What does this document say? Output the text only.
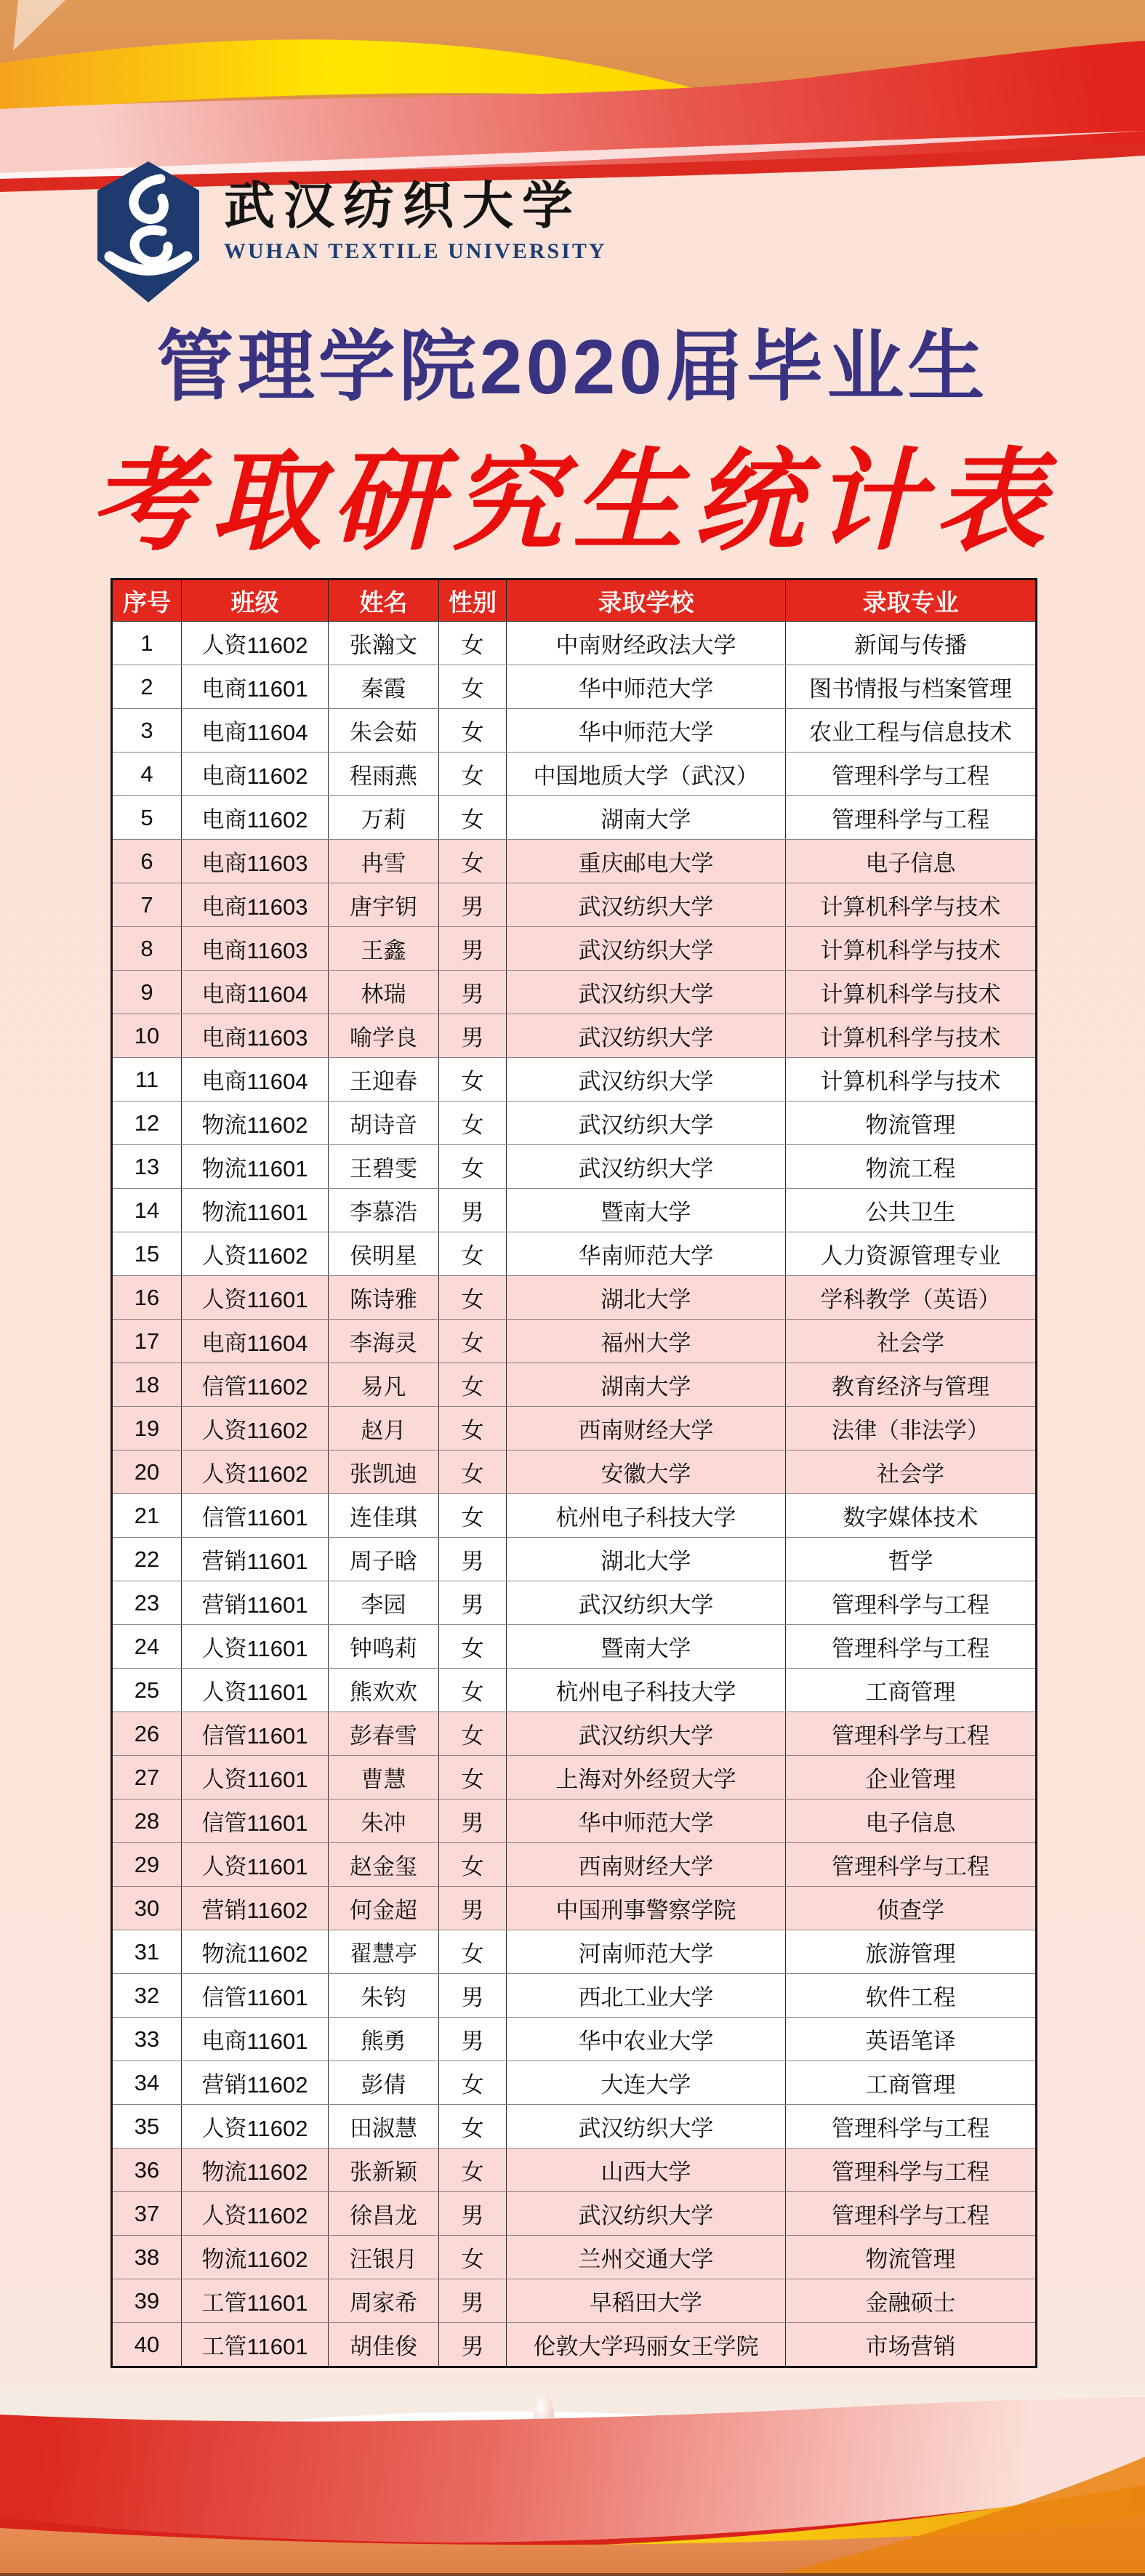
武汉纺织大学
WUHAN TEXTILE UNIVERSITY
管理学院2020届毕业生
考取研究生统计表
序号	班级	姓名	性别	录取学校	录取专业
1	人资11602	张瀚文	女	中南财经政法大学	新闻与传播
2	电商11601	秦霞	女	华中师范大学	图书情报与档案管理
3	电商11604	朱会茹	女	华中师范大学	农业工程与信息技术
4	电商11602	程雨燕	女	中国地质大学（武汉）	管理科学与工程
5	电商11602	万莉	女	湖南大学	管理科学与工程
6	电商11603	冉雪	女	重庆邮电大学	电子信息
7	电商11603	唐宇钥	男	武汉纺织大学	计算机科学与技术
8	电商11603	王鑫	男	武汉纺织大学	计算机科学与技术
9	电商11604	林瑞	男	武汉纺织大学	计算机科学与技术
10	电商11603	喻学良	男	武汉纺织大学	计算机科学与技术
11	电商11604	王迎春	女	武汉纺织大学	计算机科学与技术
12	物流11602	胡诗音	女	武汉纺织大学	物流管理
13	物流11601	王碧雯	女	武汉纺织大学	物流工程
14	物流11601	李慕浩	男	暨南大学	公共卫生
15	人资11602	侯明星	女	华南师范大学	人力资源管理专业
16	人资11601	陈诗雅	女	湖北大学	学科教学（英语）
17	电商11604	李海灵	女	福州大学	社会学
18	信管11602	易凡	女	湖南大学	教育经济与管理
19	人资11602	赵月	女	西南财经大学	法律（非法学）
20	人资11602	张凯迪	女	安徽大学	社会学
21	信管11601	连佳琪	女	杭州电子科技大学	数字媒体技术
22	营销11601	周子晗	男	湖北大学	哲学
23	营销11601	李园	男	武汉纺织大学	管理科学与工程
24	人资11601	钟鸣莉	女	暨南大学	管理科学与工程
25	人资11601	熊欢欢	女	杭州电子科技大学	工商管理
26	信管11601	彭春雪	女	武汉纺织大学	管理科学与工程
27	人资11601	曹慧	女	上海对外经贸大学	企业管理
28	信管11601	朱冲	男	华中师范大学	电子信息
29	人资11601	赵金玺	女	西南财经大学	管理科学与工程
30	营销11602	何金超	男	中国刑事警察学院	侦查学
31	物流11602	翟慧亭	女	河南师范大学	旅游管理
32	信管11601	朱钧	男	西北工业大学	软件工程
33	电商11601	熊勇	男	华中农业大学	英语笔译
34	营销11602	彭倩	女	大连大学	工商管理
35	人资11602	田淑慧	女	武汉纺织大学	管理科学与工程
36	物流11602	张新颖	女	山西大学	管理科学与工程
37	人资11602	徐昌龙	男	武汉纺织大学	管理科学与工程
38	物流11602	汪银月	女	兰州交通大学	物流管理
39	工管11601	周家希	男	早稻田大学	金融硕士
40	工管11601	胡佳俊	男	伦敦大学玛丽女王学院	市场营销
